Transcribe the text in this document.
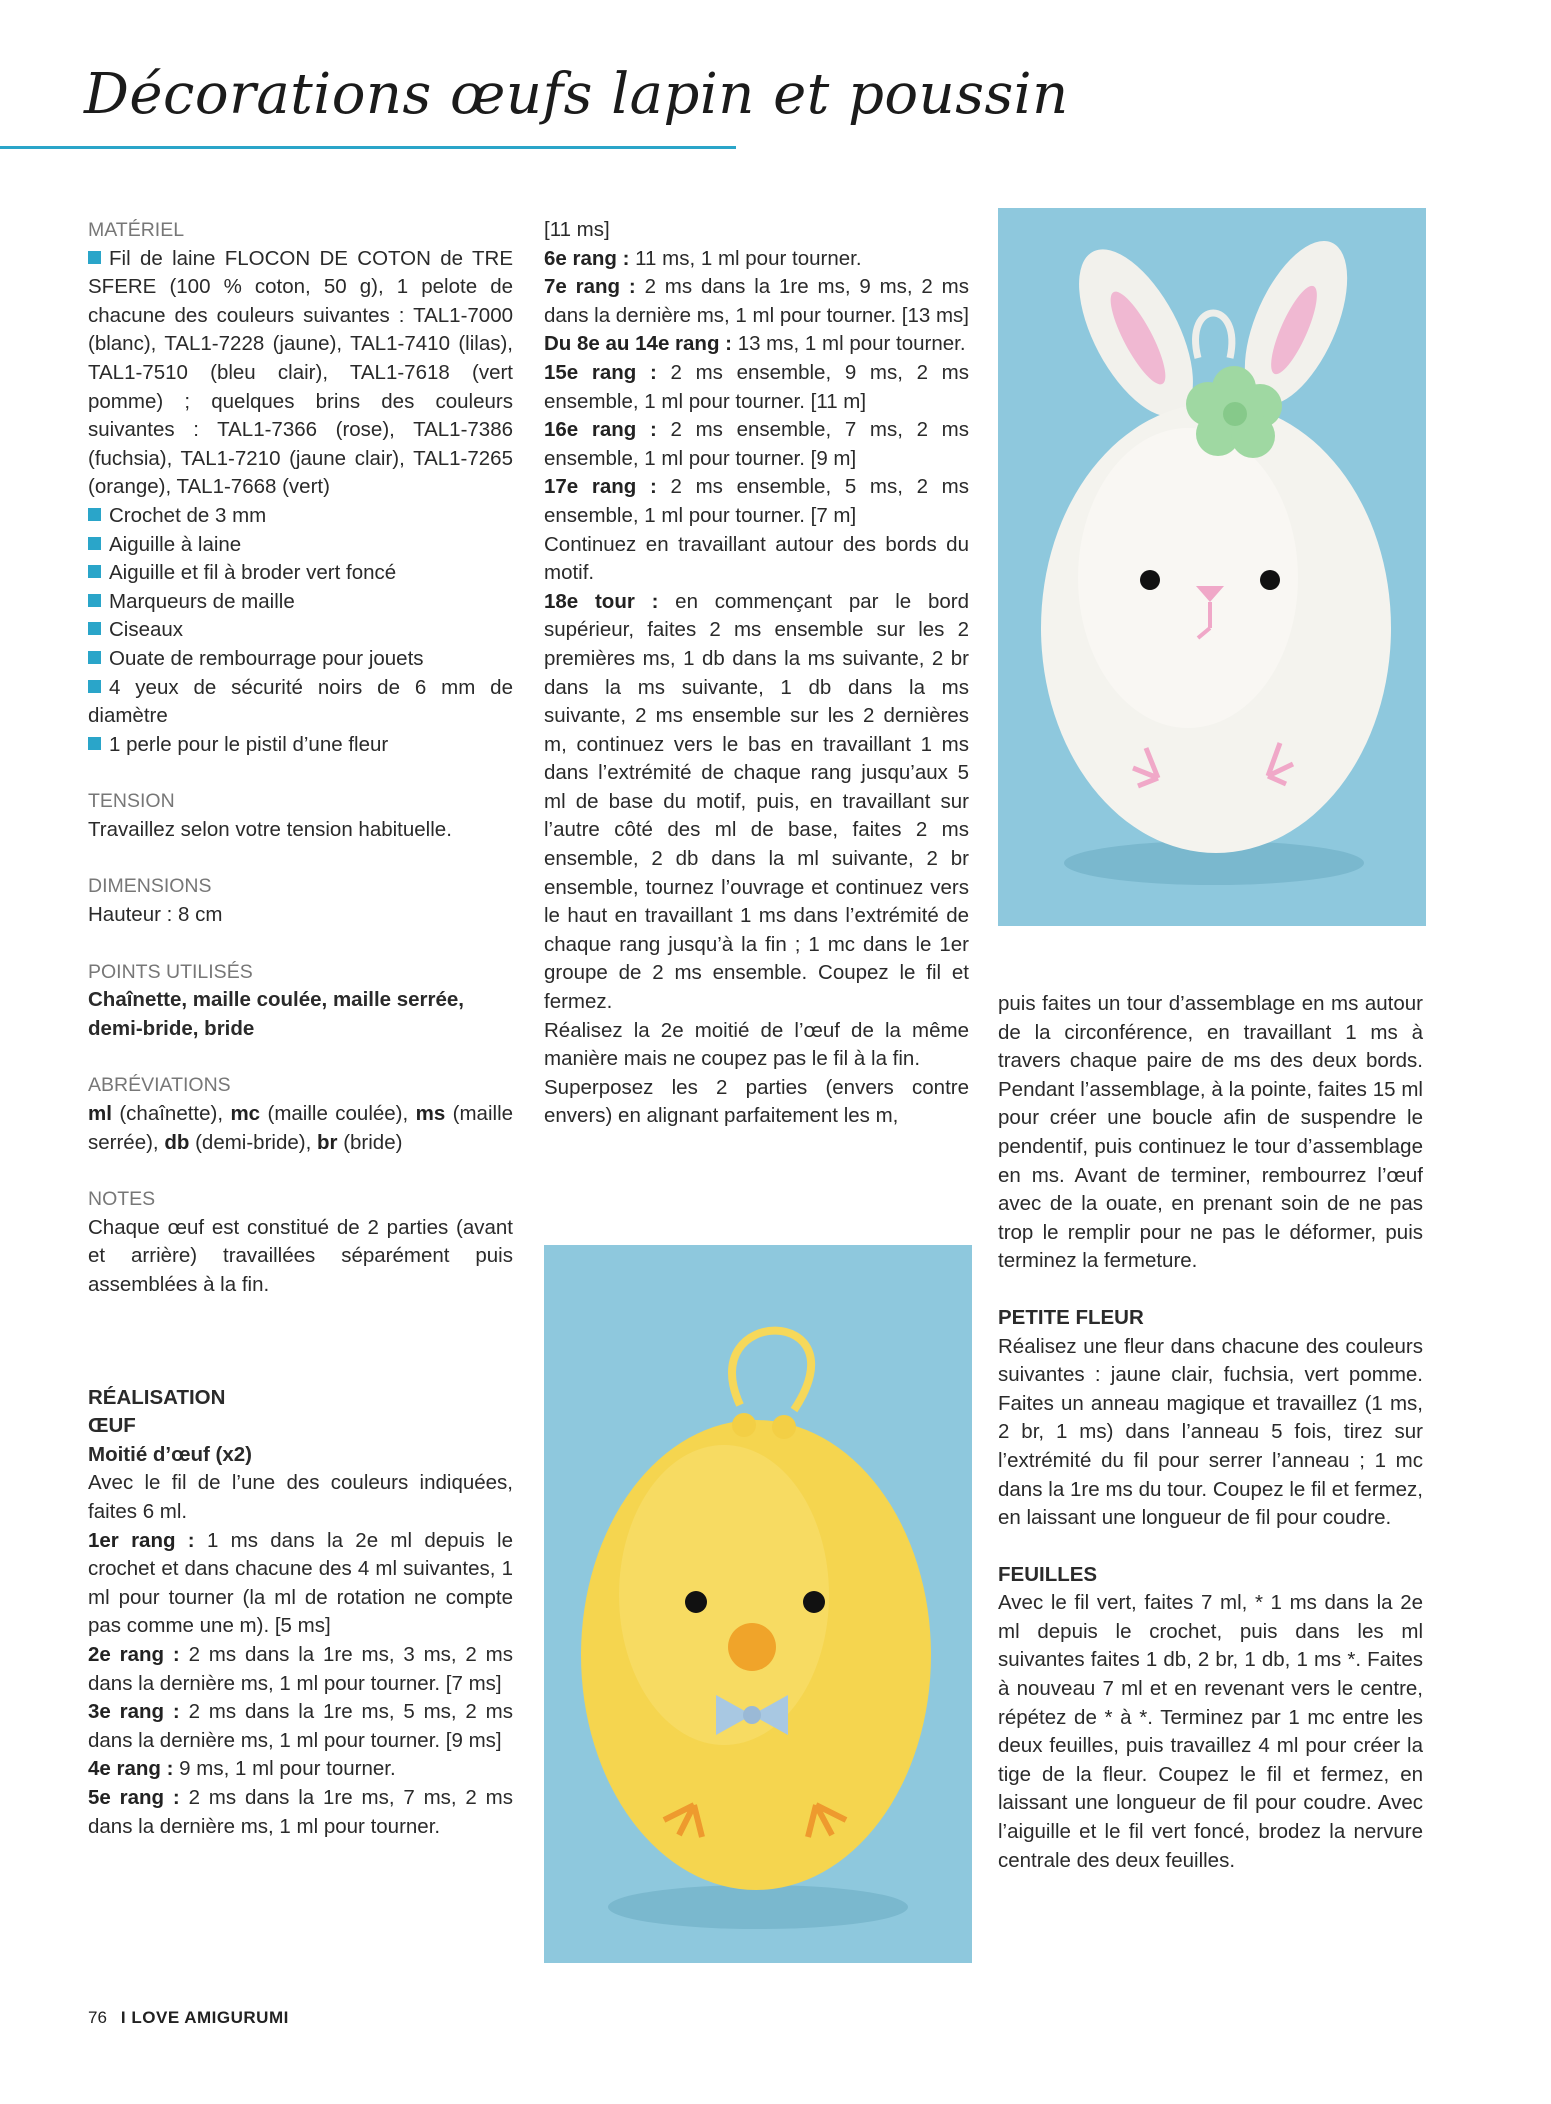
Décorations œufs lapin et poussin

MATÉRIEL

Fil de laine FLOCON DE COTON de TRE SFERE (100 % coton, 50 g), 1 pelote de chacune des couleurs suivantes : TAL1-7000 (blanc), TAL1-7228 (jaune), TAL1-7410 (lilas), TAL1-7510 (bleu clair), TAL1-7618 (vert pomme) ; quelques brins des couleurs suivantes : TAL1-7366 (rose), TAL1-7386 (fuchsia), TAL1-7210 (jaune clair), TAL1-7265 (orange), TAL1-7668 (vert)

Crochet de 3 mm

Aiguille à laine

Aiguille et fil à broder vert foncé

Marqueurs de maille

Ciseaux

Ouate de rembourrage pour jouets

4 yeux de sécurité noirs de 6 mm de diamètre

1 perle pour le pistil d’une fleur

TENSION

Travaillez selon votre tension habituelle.

DIMENSIONS

Hauteur : 8 cm

POINTS UTILISÉS

Chaînette, maille coulée, maille serrée, demi-bride, bride

ABRÉVIATIONS

ml (chaînette), mc (maille coulée), ms (maille serrée), db (demi-bride), br (bride)

NOTES

Chaque œuf est constitué de 2 parties (avant et arrière) travaillées séparément puis assemblées à la fin.

RÉALISATION

ŒUF

Moitié d’œuf (x2)

Avec le fil de l’une des couleurs indiquées, faites 6 ml.

1er rang : 1 ms dans la 2e ml depuis le crochet et dans chacune des 4 ml suivantes, 1 ml pour tourner (la ml de rotation ne compte pas comme une m). [5 ms]

2e rang : 2 ms dans la 1re ms, 3 ms, 2 ms dans la dernière ms, 1 ml pour tourner. [7 ms]

3e rang : 2 ms dans la 1re ms, 5 ms, 2 ms dans la dernière ms, 1 ml pour tourner. [9 ms]

4e rang : 9 ms, 1 ml pour tourner.

5e rang : 2 ms dans la 1re ms, 7 ms, 2 ms dans la dernière ms, 1 ml pour tourner.

[11 ms]

6e rang : 11 ms, 1 ml pour tourner.

7e rang : 2 ms dans la 1re ms, 9 ms, 2 ms dans la dernière ms, 1 ml pour tourner. [13 ms]

Du 8e au 14e rang : 13 ms, 1 ml pour tourner.

15e rang : 2 ms ensemble, 9 ms, 2 ms ensemble, 1 ml pour tourner. [11 m]

16e rang : 2 ms ensemble, 7 ms, 2 ms ensemble, 1 ml pour tourner. [9 m]

17e rang : 2 ms ensemble, 5 ms, 2 ms ensemble, 1 ml pour tourner. [7 m]

Continuez en travaillant autour des bords du motif.

18e tour : en commençant par le bord supérieur, faites 2 ms ensemble sur les 2 premières ms, 1 db dans la ms suivante, 2 br dans la ms suivante, 1 db dans la ms suivante, 2 ms ensemble sur les 2 dernières m, continuez vers le bas en travaillant 1 ms dans l’extrémité de chaque rang jusqu’aux 5 ml de base du motif, puis, en travaillant sur l’autre côté des ml de base, faites 2 ms ensemble, 2 db dans la ml suivante, 2 br ensemble, tournez l’ouvrage et continuez vers le haut en travaillant 1 ms dans l’extrémité de chaque rang jusqu’à la fin ; 1 mc dans le 1er groupe de 2 ms ensemble. Coupez le fil et fermez.

Réalisez la 2e moitié de l’œuf de la même manière mais ne coupez pas le fil à la fin.

Superposez les 2 parties (envers contre envers) en alignant parfaitement les m,

puis faites un tour d’assemblage en ms autour de la circonférence, en travaillant 1 ms à travers chaque paire de ms des deux bords. Pendant l’assemblage, à la pointe, faites 15 ml pour créer une boucle afin de suspendre le pendentif, puis continuez le tour d’assemblage en ms. Avant de terminer, rembourrez l’œuf avec de la ouate, en prenant soin de ne pas trop le remplir pour ne pas le déformer, puis terminez la fermeture.

PETITE FLEUR

Réalisez une fleur dans chacune des couleurs suivantes : jaune clair, fuchsia, vert pomme. Faites un anneau magique et travaillez (1 ms, 2 br, 1 ms) dans l’anneau 5 fois, tirez sur l’extrémité du fil pour serrer l’anneau ; 1 mc dans la 1re ms du tour. Coupez le fil et fermez, en laissant une longueur de fil pour coudre.

FEUILLES

Avec le fil vert, faites 7 ml, * 1 ms dans la 2e ml depuis le crochet, puis dans les ml suivantes faites 1 db, 2 br, 1 db, 1 ms *. Faites à nouveau 7 ml et en revenant vers le centre, répétez de * à *. Terminez par 1 mc entre les deux feuilles, puis travaillez 4 ml pour créer la tige de la fleur. Coupez le fil et fermez, en laissant une longueur de fil pour coudre. Avec l’aiguille et le fil vert foncé, brodez la nervure centrale des deux feuilles.

76 I LOVE AMIGURUMI
